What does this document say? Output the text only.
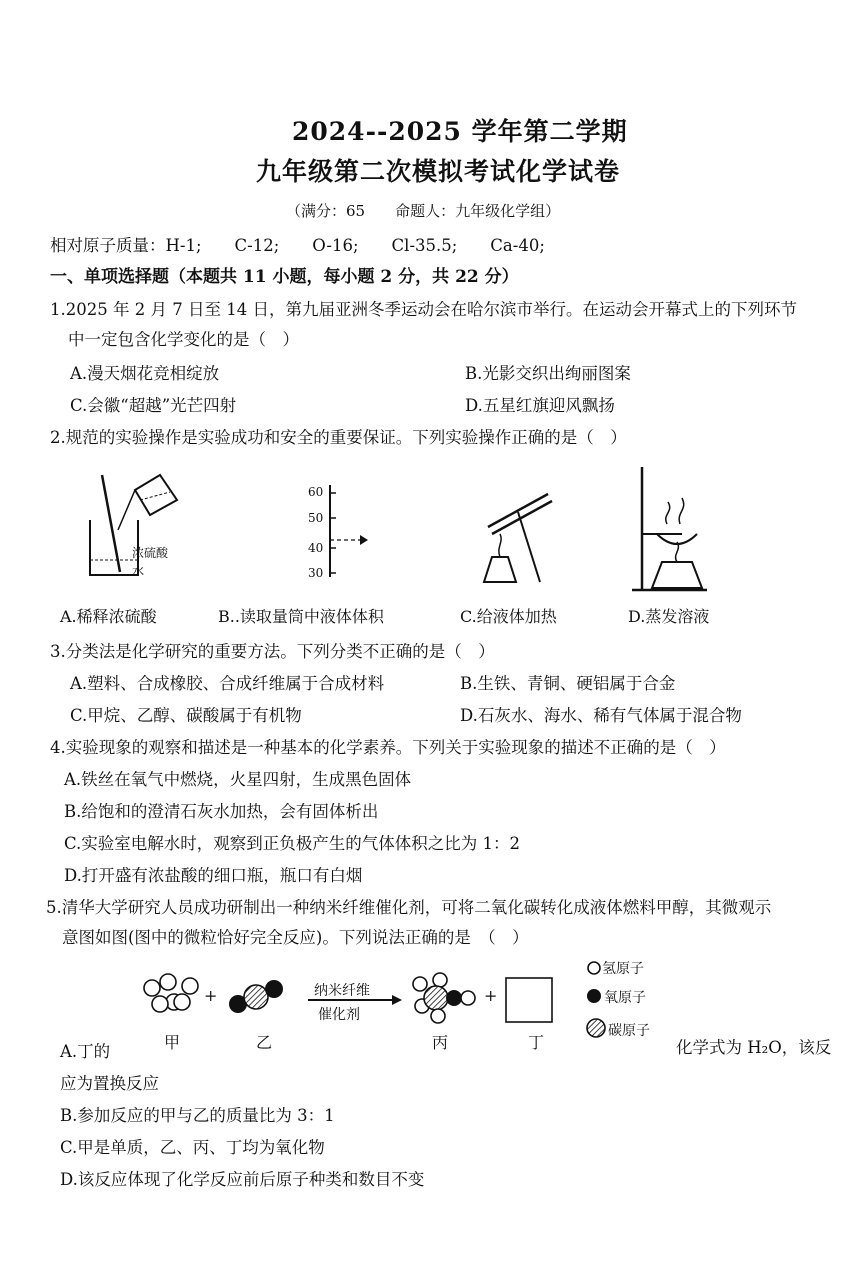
2024--2025 学年第二学期
九年级第二次模拟考试化学试卷
（满分：65　　命题人：九年级化学组）
相对原子质量：H-1;　　C-12;　　O-16;　　Cl-35.5;　　Ca-40;
一、单项选择题（本题共 11 小题，每小题 2 分，共 22 分）
1.2025 年 2 月 7 日至 14 日，第九届亚洲冬季运动会在哈尔滨市举行。在运动会开幕式上的下列环节
中一定包含化学变化的是（　）
A.漫天烟花竞相绽放	B.光影交织出绚丽图案
C.会徽“超越”光芒四射	D.五星红旗迎风飘扬
2.规范的实验操作是实验成功和安全的重要保证。下列实验操作正确的是（　）
浓硫酸
水
60
50
40
30
A.稀释浓硫酸	B..读取量筒中液体体积	C.给液体加热	D.蒸发溶液
3.分类法是化学研究的重要方法。下列分类不正确的是（　）
A.塑料、合成橡胶、合成纤维属于合成材料	B.生铁、青铜、硬铝属于合金
C.甲烷、乙醇、碳酸属于有机物	D.石灰水、海水、稀有气体属于混合物
4.实验现象的观察和描述是一种基本的化学素养。下列关于实验现象的描述不正确的是（　）
A.铁丝在氧气中燃烧，火星四射，生成黑色固体
B.给饱和的澄清石灰水加热，会有固体析出
C.实验室电解水时，观察到正负极产生的气体体积之比为 1：2
D.打开盛有浓盐酸的细口瓶，瓶口有白烟
5.清华大学研究人员成功研制出一种纳米纤维催化剂，可将二氧化碳转化成液体燃料甲醇，其微观示
意图如图(图中的微粒恰好完全反应)。下列说法正确的是　（　）
+	+
纳米纤维
催化剂
氢原子
氧原子
碳原子
甲	乙	丙	丁
A.丁的	化学式为 H₂O，该反
应为置换反应
B.参加反应的甲与乙的质量比为 3：1
C.甲是单质，乙、丙、丁均为氧化物
D.该反应体现了化学反应前后原子种类和数目不变
